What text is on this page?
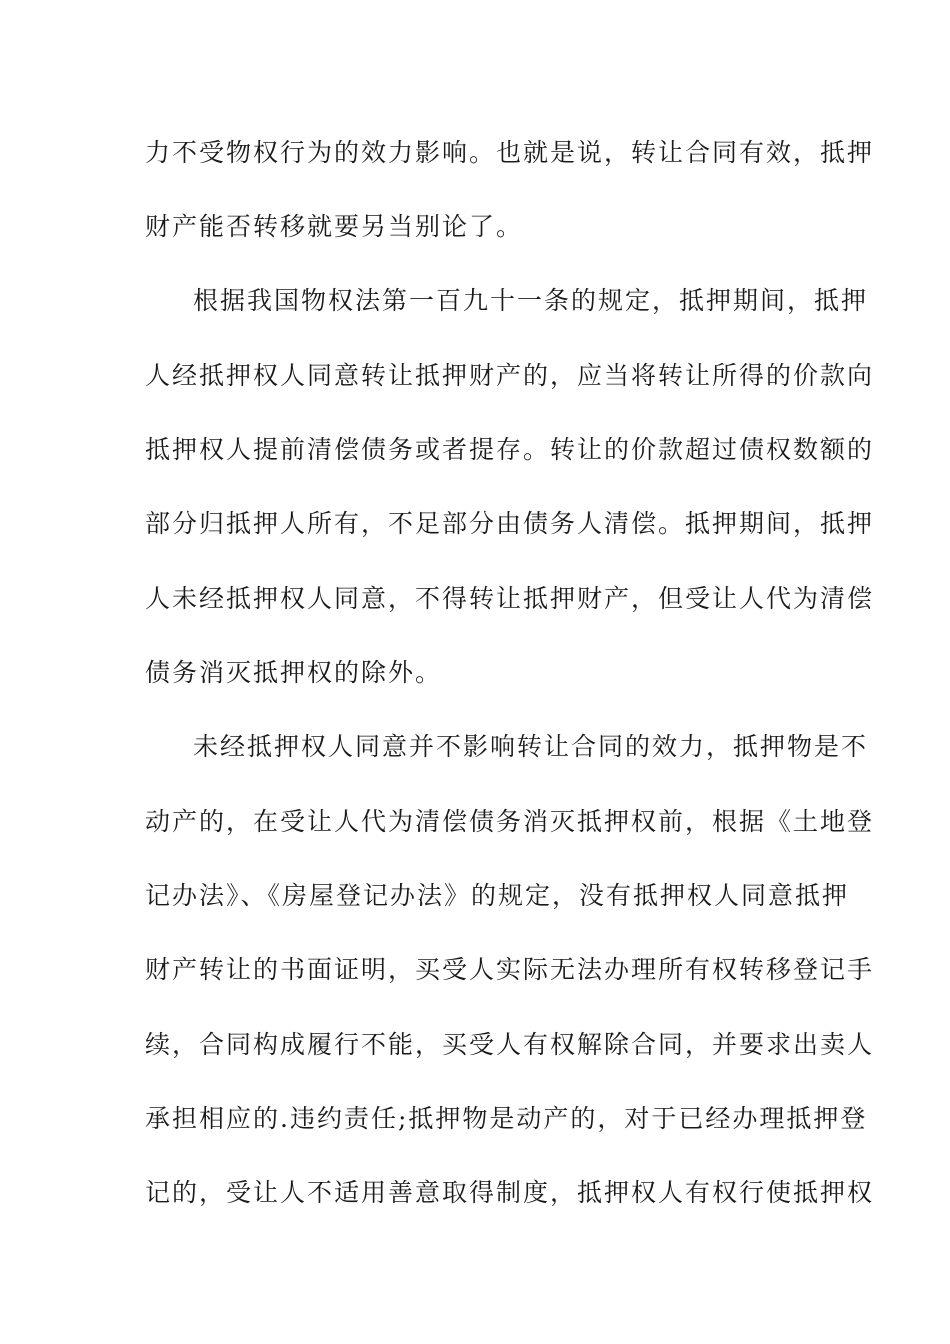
力不受物权行为的效力影响。也就是说，转让合同有效，抵押
财产能否转移就要另当别论了。
根据我国物权法第一百九十一条的规定，抵押期间，抵押
人经抵押权人同意转让抵押财产的，应当将转让所得的价款向
抵押权人提前清偿债务或者提存。转让的价款超过债权数额的
部分归抵押人所有，不足部分由债务人清偿。抵押期间，抵押
人未经抵押权人同意，不得转让抵押财产，但受让人代为清偿
债务消灭抵押权的除外。
未经抵押权人同意并不影响转让合同的效力，抵押物是不
动产的，在受让人代为清偿债务消灭抵押权前，根据《土地登
记办法》、《房屋登记办法》的规定，没有抵押权人同意抵押
财产转让的书面证明，买受人实际无法办理所有权转移登记手
续，合同构成履行不能，买受人有权解除合同，并要求出卖人
承担相应的.违约责任;抵押物是动产的，对于已经办理抵押登
记的，受让人不适用善意取得制度，抵押权人有权行使抵押权
